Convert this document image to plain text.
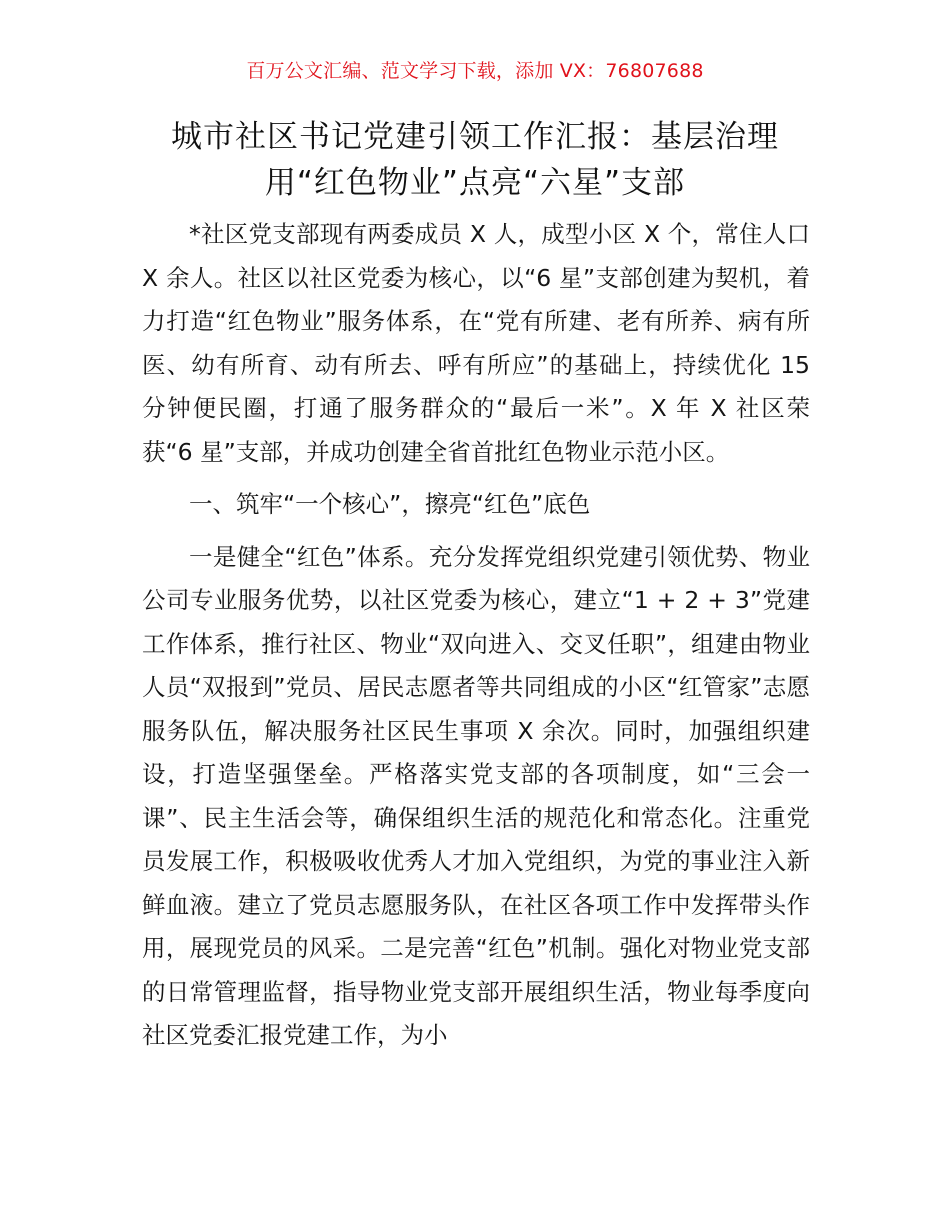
百万公文汇编、范文学习下载，添加 VX：76807688
城市社区书记党建引领工作汇报：基层治理
用“红色物业”点亮“六星”支部

*社区党支部现有两委成员 X 人，成型小区 X 个，常住人口 X 余人。社区以社区党委为核心，以“6 星”支部创建为契机，着力打造“红色物业”服务体系，在“党有所建、老有所养、病有所医、幼有所育、动有所去、呼有所应”的基础上，持续优化 15 分钟便民圈，打通了服务群众的“最后一米”。X 年 X 社区荣获“6 星”支部，并成功创建全省首批红色物业示范小区。

一、筑牢“一个核心”，擦亮“红色”底色

一是健全“红色”体系。充分发挥党组织党建引领优势、物业公司专业服务优势，以社区党委为核心，建立“1 + 2 + 3”党建工作体系，推行社区、物业“双向进入、交叉任职”，组建由物业人员“双报到”党员、居民志愿者等共同组成的小区“红管家”志愿服务队伍，解决服务社区民生事项 X 余次。同时，加强组织建设，打造坚强堡垒。严格落实党支部的各项制度，如“三会一课”、民主生活会等，确保组织生活的规范化和常态化。注重党员发展工作，积极吸收优秀人才加入党组织，为党的事业注入新鲜血液。建立了党员志愿服务队，在社区各项工作中发挥带头作用，展现党员的风采。二是完善“红色”机制。强化对物业党支部的日常管理监督，指导物业党支部开展组织生活，物业每季度向社区党委汇报党建工作，为小
